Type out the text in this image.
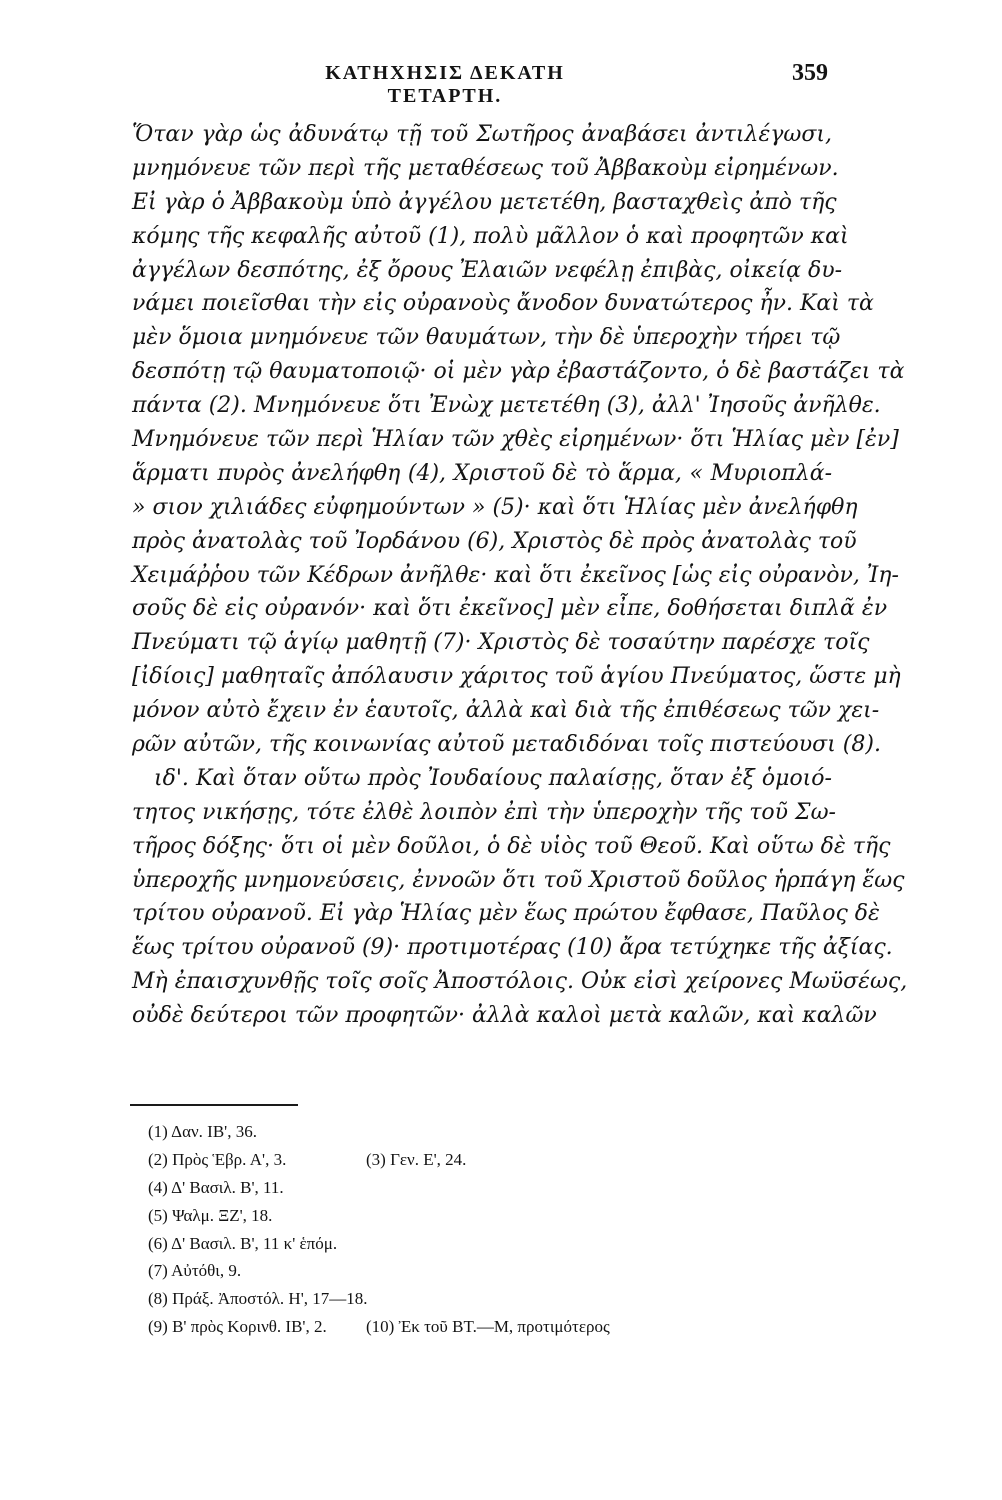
ΚΑΤΗΧΗΣΙΣ ΔΕΚΑΤΗ ΤΕΤΑΡΤΗ.
359
Ὅταν γὰρ ὡς ἀδυνάτῳ τῇ τοῦ Σωτῆρος ἀναβάσει ἀντιλέγωσι,
μνημόνευε τῶν περὶ τῆς μεταθέσεως τοῦ Ἀββακοὺμ εἰρημένων.
Εἰ γὰρ ὁ Ἀββακοὺμ ὑπὸ ἀγγέλου μετετέθη, βασταχθεὶς ἀπὸ τῆς
κόμης τῆς κεφαλῆς αὐτοῦ (1), πολὺ μᾶλλον ὁ καὶ προφητῶν καὶ
ἀγγέλων δεσπότης, ἐξ ὄρους Ἐλαιῶν νεφέλῃ ἐπιβὰς, οἰκείᾳ δυ-
νάμει ποιεῖσθαι τὴν εἰς οὐρανοὺς ἄνοδον δυνατώτερος ἦν. Καὶ τὰ
μὲν ὅμοια μνημόνευε τῶν θαυμάτων, τὴν δὲ ὑπεροχὴν τήρει τῷ
δεσπότῃ τῷ θαυματοποιῷ· οἱ μὲν γὰρ ἐβαστάζοντο, ὁ δὲ βαστάζει τὰ
πάντα (2). Μνημόνευε ὅτι Ἐνὼχ μετετέθη (3), ἀλλ' Ἰησοῦς ἀνῆλθε.
Μνημόνευε τῶν περὶ Ἡλίαν τῶν χθὲς εἰρημένων· ὅτι Ἡλίας μὲν [ἐν]
ἅρματι πυρὸς ἀνελήφθη (4), Χριστοῦ δὲ τὸ ἅρμα, « Μυριοπλά-
» σιον χιλιάδες εὐφημούντων » (5)· καὶ ὅτι Ἡλίας μὲν ἀνελήφθη
πρὸς ἀνατολὰς τοῦ Ἰορδάνου (6), Χριστὸς δὲ πρὸς ἀνατολὰς τοῦ
Χειμάῤῥου τῶν Κέδρων ἀνῆλθε· καὶ ὅτι ἐκεῖνος [ὡς εἰς οὐρανὸν, Ἰη-
σοῦς δὲ εἰς οὐρανόν· καὶ ὅτι ἐκεῖνος] μὲν εἶπε, δοθήσεται διπλᾶ ἐν
Πνεύματι τῷ ἁγίῳ μαθητῇ (7)· Χριστὸς δὲ τοσαύτην παρέσχε τοῖς
[ἰδίοις] μαθηταῖς ἀπόλαυσιν χάριτος τοῦ ἁγίου Πνεύματος, ὥστε μὴ
μόνον αὐτὸ ἔχειν ἐν ἑαυτοῖς, ἀλλὰ καὶ διὰ τῆς ἐπιθέσεως τῶν χει-
ρῶν αὐτῶν, τῆς κοινωνίας αὐτοῦ μεταδιδόναι τοῖς πιστεύουσι (8).
ιδ'. Καὶ ὅταν οὕτω πρὸς Ἰουδαίους παλαίσῃς, ὅταν ἐξ ὁμοιό-
τητος νικήσῃς, τότε ἐλθὲ λοιπὸν ἐπὶ τὴν ὑπεροχὴν τῆς τοῦ Σω-
τῆρος δόξης· ὅτι οἱ μὲν δοῦλοι, ὁ δὲ υἱὸς τοῦ Θεοῦ. Καὶ οὕτω δὲ τῆς
ὑπεροχῆς μνημονεύσεις, ἐννοῶν ὅτι τοῦ Χριστοῦ δοῦλος ἡρπάγη ἕως
τρίτου οὐρανοῦ. Εἰ γὰρ Ἡλίας μὲν ἕως πρώτου ἔφθασε, Παῦλος δὲ
ἕως τρίτου οὐρανοῦ (9)· προτιμοτέρας (10) ἄρα τετύχηκε τῆς ἀξίας.
Μὴ ἐπαισχυνθῇς τοῖς σοῖς Ἀποστόλοις. Οὐκ εἰσὶ χείρονες Μωϋσέως,
οὐδὲ δεύτεροι τῶν προφητῶν· ἀλλὰ καλοὶ μετὰ καλῶν, καὶ καλῶν
(1) Δαν. ΙΒ', 36.
(2) Πρὸς Ἑβρ. Α', 3.	(3) Γεν. Ε', 24.
(4) Δ' Βασιλ. Β', 11.
(5) Ψαλμ. ΞΖ', 18.
(6) Δ' Βασιλ. Β', 11 κ' ἑπόμ.
(7) Αὐτόθι, 9.
(8) Πράξ. Ἀποστόλ. Η', 17—18.
(9) Β' πρὸς Κορινθ. ΙΒ', 2.	(10) Ἐκ τοῦ ΒΤ.—Μ, προτιμότερος
